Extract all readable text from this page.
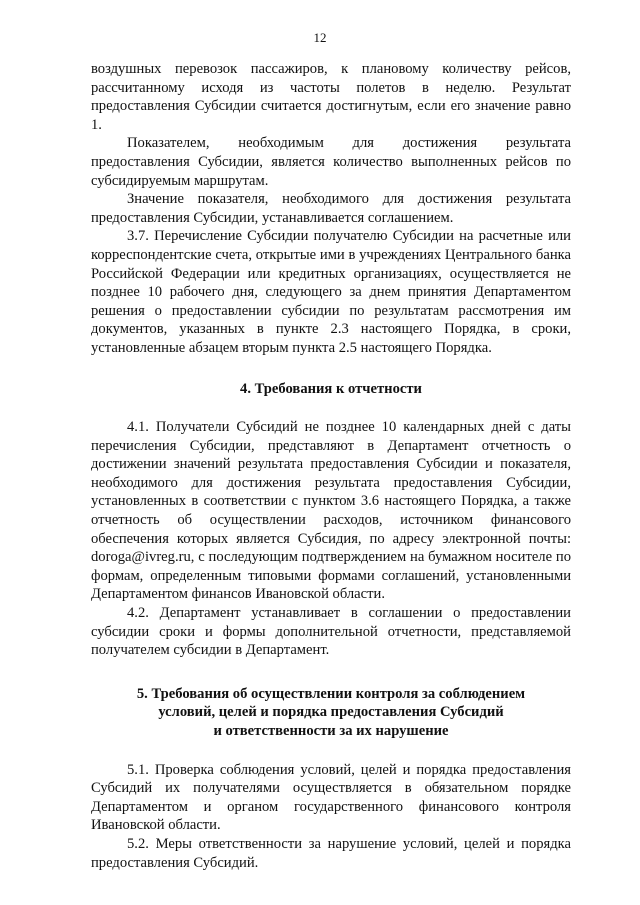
12

воздушных перевозок пассажиров, к плановому количеству рейсов, рассчитанному исходя из частоты полетов в неделю. Результат предоставления Субсидии считается достигнутым, если его значение равно 1.

Показателем, необходимым для достижения результата предоставления Субсидии, является количество выполненных рейсов по субсидируемым маршрутам.

Значение показателя, необходимого для достижения результата предоставления Субсидии, устанавливается соглашением.

3.7. Перечисление Субсидии получателю Субсидии на расчетные или корреспондентские счета, открытые ими в учреждениях Центрального банка Российской Федерации или кредитных организациях, осуществляется не позднее 10 рабочего дня, следующего за днем принятия Департаментом решения о предоставлении субсидии по результатам рассмотрения им документов, указанных в пункте 2.3 настоящего Порядка, в сроки, установленные абзацем вторым пункта 2.5 настоящего Порядка.

4. Требования к отчетности

4.1. Получатели Субсидий не позднее 10 календарных дней с даты перечисления Субсидии, представляют в Департамент отчетность о достижении значений результата предоставления Субсидии и показателя, необходимого для достижения результата предоставления Субсидии, установленных в соответствии с пунктом 3.6 настоящего Порядка, а также отчетность об осуществлении расходов, источником финансового обеспечения которых является Субсидия, по адресу электронной почты: doroga@ivreg.ru, с последующим подтверждением на бумажном носителе по формам, определенным типовыми формами соглашений, установленными Департаментом финансов Ивановской области.

4.2. Департамент устанавливает в соглашении о предоставлении субсидии сроки и формы дополнительной отчетности, представляемой получателем субсидии в Департамент.

5. Требования об осуществлении контроля за соблюдением
условий, целей и порядка предоставления Субсидий
и ответственности за их нарушение

5.1. Проверка соблюдения условий, целей и порядка предоставления Субсидий их получателями осуществляется в обязательном порядке Департаментом и органом государственного финансового контроля Ивановской области.

5.2. Меры ответственности за нарушение условий, целей и порядка предоставления Субсидий.
